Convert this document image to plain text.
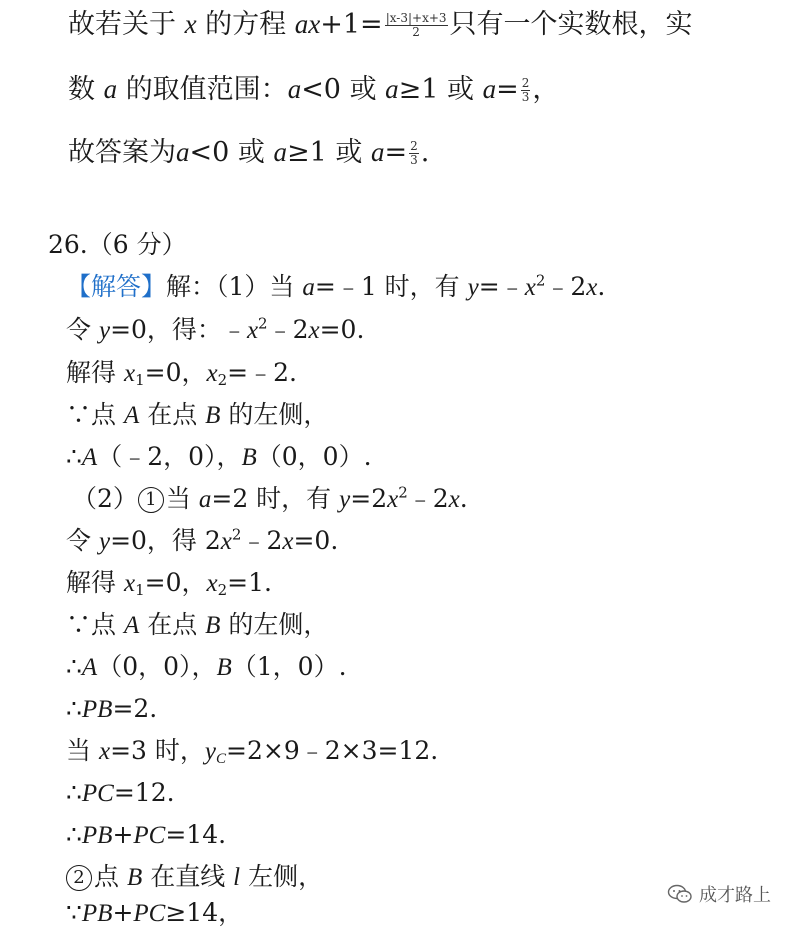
故若关于 x 的方程 $ax+1= \frac{|x-3|+x+3}{2}$ 只有一个实数根，实
数 a 的取值范围：a<0 或 a≥1 或 $a= \frac{2}{3}$ ，
故答案为a<0 或 a≥1 或 $a= \frac{2}{3}$ .
26.（6 分）
【解答】解：（1）当 a=﹣1 时，有 $y=﹣x^2﹣2x$.
令 y=0，得：$﹣x^2﹣2x=0$.
解得 $x_1=0$，$x_2=﹣2$.
∵点 A 在点 B 的左侧，
∴A（﹣2，0），B（0，0）.
（2） 1 当 a=2 时，有 $y=2x^2﹣2x$.
令 y=0，得 $2x^2﹣2x=0$.
解得 $x_1=0$，$x_2=1$.
∵点 A 在点 B 的左侧，
∴A（0，0），B（1，0）.
∴PB=2.
当 x=3 时，$y_C=2\times 9﹣2\times 3=12$.
∴PC=12.
∴PB+PC=14.
2 点 B 在直线 l 左侧，
∵PB+PC≥14，
成才路上
